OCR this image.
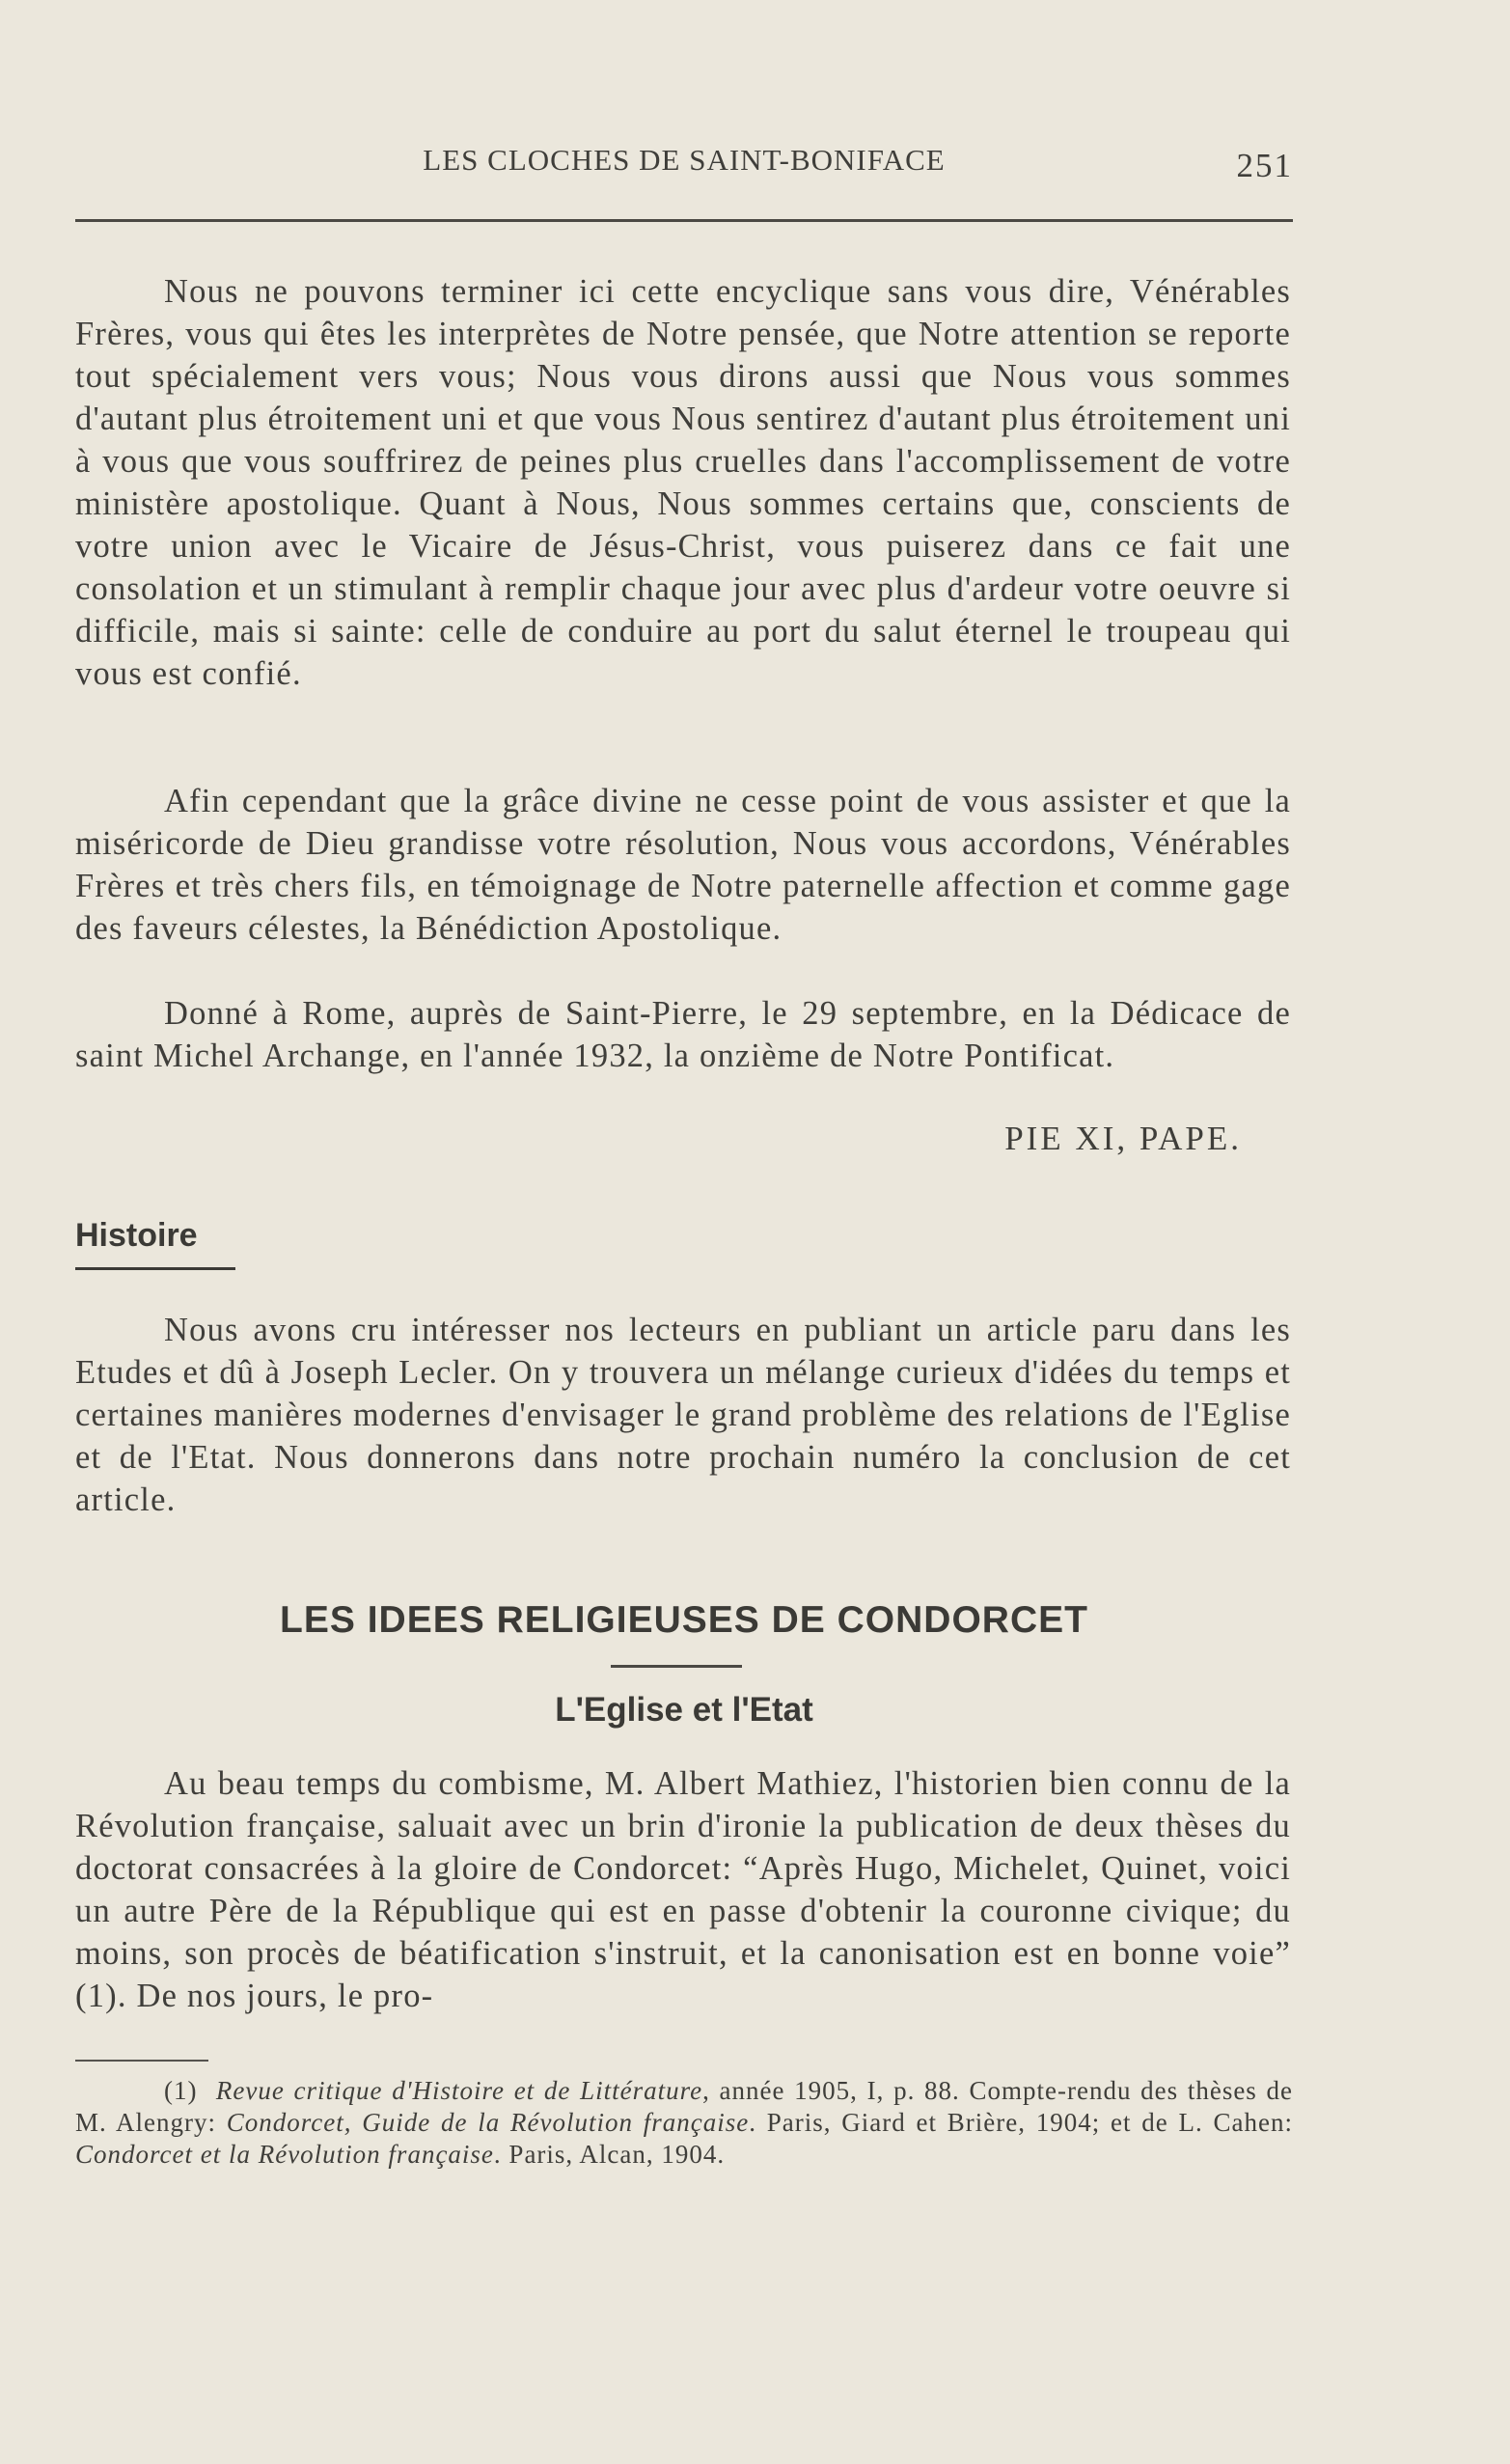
LES CLOCHES DE SAINT-BONIFACE	251

Nous ne pouvons terminer ici cette encyclique sans vous dire, Vénérables Frères, vous qui êtes les interprètes de Notre pensée, que Notre attention se reporte tout spécialement vers vous; Nous vous dirons aussi que Nous vous sommes d'autant plus étroitement uni et que vous Nous sentirez d'autant plus étroitement uni à vous que vous souffrirez de peines plus cruelles dans l'accomplissement de votre ministère apostolique. Quant à Nous, Nous sommes certains que, conscients de votre union avec le Vicaire de Jésus-Christ, vous puiserez dans ce fait une consolation et un stimulant à remplir chaque jour avec plus d'ardeur votre oeuvre si difficile, mais si sainte: celle de conduire au port du salut éternel le troupeau qui vous est confié.

Afin cependant que la grâce divine ne cesse point de vous assister et que la miséricorde de Dieu grandisse votre résolution, Nous vous accordons, Vénérables Frères et très chers fils, en témoignage de Notre paternelle affection et comme gage des faveurs célestes, la Bénédiction Apostolique.

Donné à Rome, auprès de Saint-Pierre, le 29 septembre, en la Dédicace de saint Michel Archange, en l'année 1932, la onzième de Notre Pontificat.

PIE XI, PAPE.
Histoire

Nous avons cru intéresser nos lecteurs en publiant un article paru dans les Etudes et dû à Joseph Lecler. On y trouvera un mélange curieux d'idées du temps et certaines manières modernes d'envisager le grand problème des relations de l'Eglise et de l'Etat. Nous donnerons dans notre prochain numéro la conclusion de cet article.

LES IDEES RELIGIEUSES DE CONDORCET
L'Eglise et l'Etat

Au beau temps du combisme, M. Albert Mathiez, l'historien bien connu de la Révolution française, saluait avec un brin d'ironie la publication de deux thèses du doctorat consacrées à la gloire de Condorcet: “Après Hugo, Michelet, Quinet, voici un autre Père de la République qui est en passe d'obtenir la couronne civique; du moins, son procès de béatification s'instruit, et la canonisation est en bonne voie” (1). De nos jours, le pro-

(1) Revue critique d'Histoire et de Littérature, année 1905, I, p. 88. Compte-rendu des thèses de M. Alengry: Condorcet, Guide de la Révolution française. Paris, Giard et Brière, 1904; et de L. Cahen: Condorcet et la Révolution française. Paris, Alcan, 1904.
